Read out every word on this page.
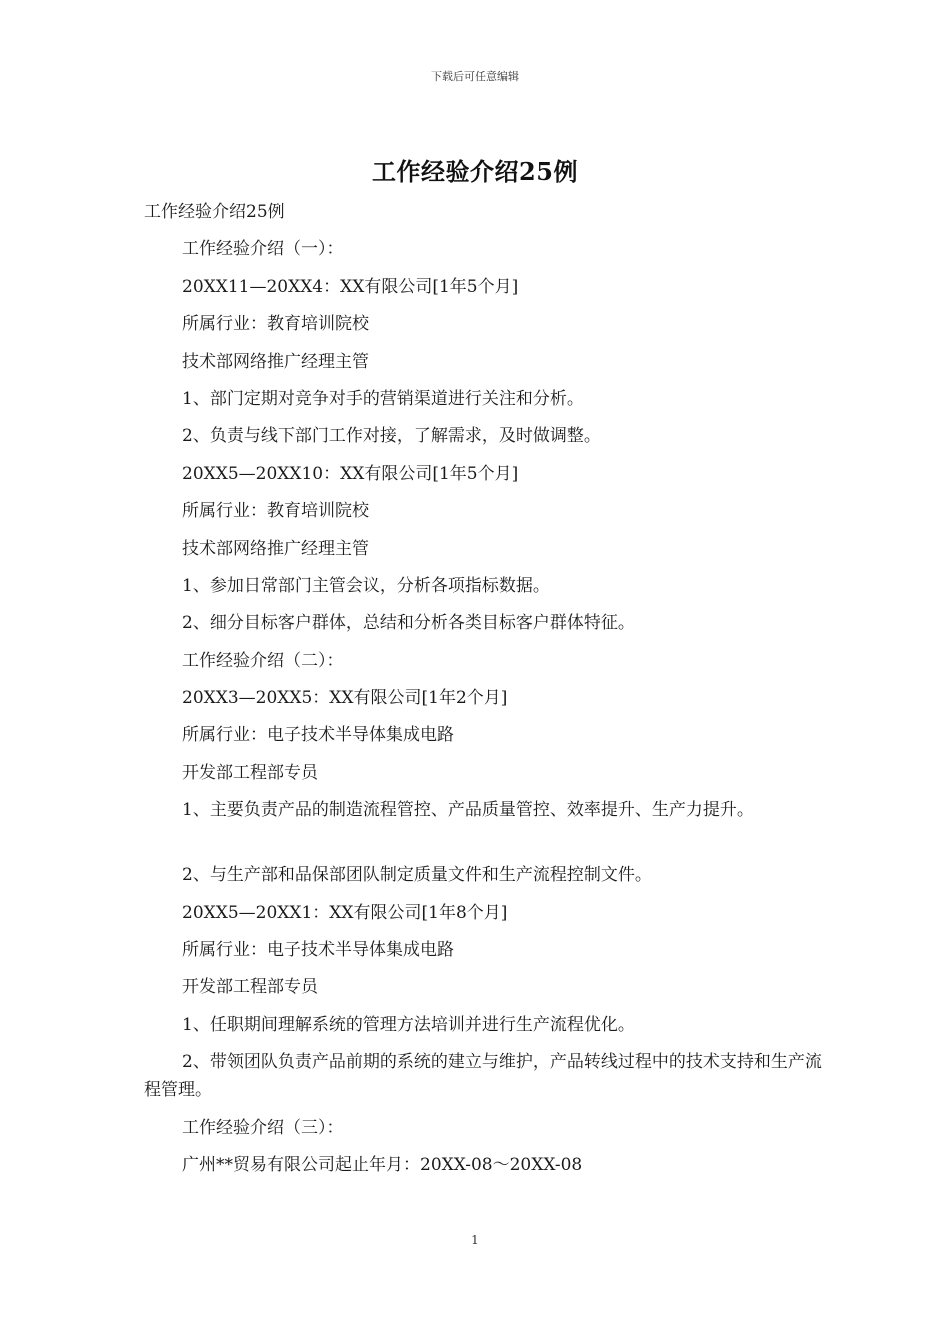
下载后可任意编辑
工作经验介绍25例
工作经验介绍25例
工作经验介绍（一）：
20XX11—20XX4：XX有限公司[1年5个月]
所属行业：教育培训院校
技术部网络推广经理主管
1、部门定期对竞争对手的营销渠道进行关注和分析。
2、负责与线下部门工作对接，了解需求，及时做调整。
20XX5—20XX10：XX有限公司[1年5个月]
所属行业：教育培训院校
技术部网络推广经理主管
1、参加日常部门主管会议，分析各项指标数据。
2、细分目标客户群体，总结和分析各类目标客户群体特征。
工作经验介绍（二）：
20XX3—20XX5：XX有限公司[1年2个月]
所属行业：电子技术半导体集成电路
开发部工程部专员
1、主要负责产品的制造流程管控、产品质量管控、效率提升、生产力提升。
2、与生产部和品保部团队制定质量文件和生产流程控制文件。
20XX5—20XX1：XX有限公司[1年8个月]
所属行业：电子技术半导体集成电路
开发部工程部专员
1、任职期间理解系统的管理方法培训并进行生产流程优化。
2、带领团队负责产品前期的系统的建立与维护，产品转线过程中的技术支持和生产流程管理。
工作经验介绍（三）：
广州**贸易有限公司起止年月：20XX-08～20XX-08
1
